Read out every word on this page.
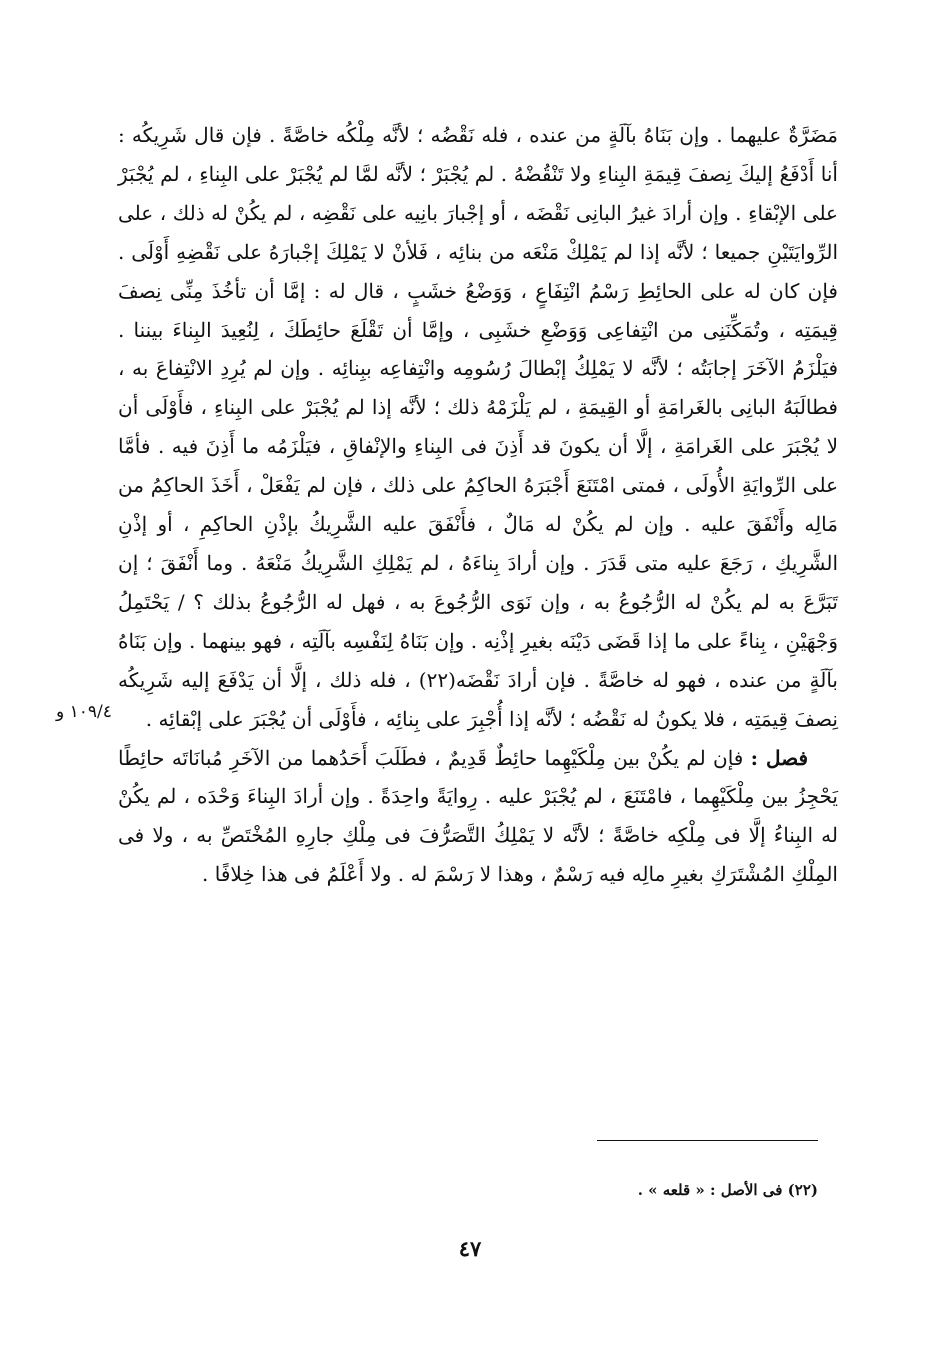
مَضَرَّةٌ عليهما . وإن بَنَاهُ بآلَةٍ من عنده ، فله نَقْضُه ؛ لأنَّه مِلْكُه خاصَّةً . فإن قال شَرِيكُه : أنا أَدْفَعُ إليكَ نِصفَ قِيمَةِ البِناءِ ولا تَنْقُضْهُ . لم يُجْبَرْ ؛ لأنَّه لمَّا لم يُجْبَرْ على البِناءِ ، لم يُجْبَرْ على الإبْقاءِ . وإن أرادَ غيرُ البانِى نَقْضَه ، أو إجْبارَ بانِيه على نَقْضِه ، لم يكُنْ له ذلك ، على الرِّوايَتَيْنِ جميعا ؛ لأنَّه إذا لم يَمْلِكْ مَنْعَه من بنائِه ، فَلأنْ لا يَمْلِكَ إجْبارَهُ على نَقْضِهِ أَوْلَى . فإن كان له على الحائِطِ رَسْمُ انْتِفَاعٍ ، وَوَضْعُ خشَبٍ ، قال له : إمَّا أن تأخُذَ مِنِّى نِصفَ قِيمَتِه ، وتُمَكِّنَنِى من انْتِفاعِى وَوَضْعِ خشَبِى ، وإمَّا أن تَقْلَعَ حائِطَكَ ، لِنُعِيدَ البِناءَ بيننا . فيَلْزَمُ الآخَرَ إجابَتُه ؛ لأنَّه لا يَمْلِكُ إبْطالَ رُسُومِه وانْتِفاعِه ببِنائِه . وإن لم يُرِدِ الانْتِفاعَ به ، فطالَبَهُ البانِى بالغَرامَةِ أو القِيمَةِ ، لم يَلْزَمْهُ ذلك ؛ لأنَّه إذا لم يُجْبَرْ على البِناءِ ، فأَوْلَى أن لا يُجْبَرَ على الغَرامَةِ ، إلَّا أن يكونَ قد أَذِنَ فى البِناءِ والإنْفاقِ ، فيَلْزَمُه ما أَذِنَ فيه . فأمَّا على الرِّوايَةِ الأُولَى ، فمتى امْتَنَعَ أَجْبَرَهُ الحاكِمُ على ذلك ، فإن لم يَفْعَلْ ، أَخَذَ الحاكِمُ من مَالِه وأَنْفَقَ عليه . وإن لم يكُنْ له مَالٌ ، فأَنْفَقَ عليه الشَّرِيكُ بإذْنِ الحاكِمِ ، أو إذْنِ الشَّرِيكِ ، رَجَعَ عليه متى قَدَرَ . وإن أرادَ بِناءَهُ ، لم يَمْلِكِ الشَّرِيكُ مَنْعَهُ . وما أَنْفَقَ ؛ إن تَبَرَّعَ به لم يكُنْ له الرُّجُوعُ به ، وإن نَوَى الرُّجُوعَ به ، فهل له الرُّجُوعُ بذلك ؟ / يَحْتَمِلُ وَجْهَيْنِ ، بِناءً على ما إذا قَضَى دَيْنَه بغيرِ إذْنِه . وإن بَنَاهُ لِنَفْسِه بآلَتِه ، فهو بينهما . وإن بَنَاهُ بآلَةٍ من عنده ، فهو له خاصَّةً . فإن أرادَ نَقْضَه(٢٢) ، فله ذلك ، إلَّا أن يَدْفَعَ إليه شَرِيكُه نِصفَ قِيمَتِه ، فلا يكونُ له نَقْضُه ؛ لأنَّه إذا أُجْبِرَ على بِنائِه ، فأَوْلَى أن يُجْبَرَ على إبْقائِه .

فصل : فإن لم يكُنْ بين مِلْكَيْهِما حائِطٌ قَدِيمٌ ، فطَلَبَ أَحَدُهما من الآخَرِ مُبانَاتَه حائِطًا يَحْجِزُ بين مِلْكَيْهِما ، فامْتَنَعَ ، لم يُجْبَرْ عليه . رِوايَةً واحِدَةً . وإن أرادَ البِناءَ وَحْدَه ، لم يكُنْ له البِناءُ إلَّا فى مِلْكِه خاصَّةً ؛ لأنَّه لا يَمْلِكُ التَّصَرُّفَ فى مِلْكِ جارِهِ المُخْتَصِّ به ، ولا فى المِلْكِ المُشْتَرَكِ بغيرِ مالِه فيه رَسْمٌ ، وهذا لا رَسْمَ له . ولا أَعْلَمُ فى هذا خِلافًا .

١٠٩/٤ و
(٢٢) فى الأصل : « قلعه » .
٤٧
